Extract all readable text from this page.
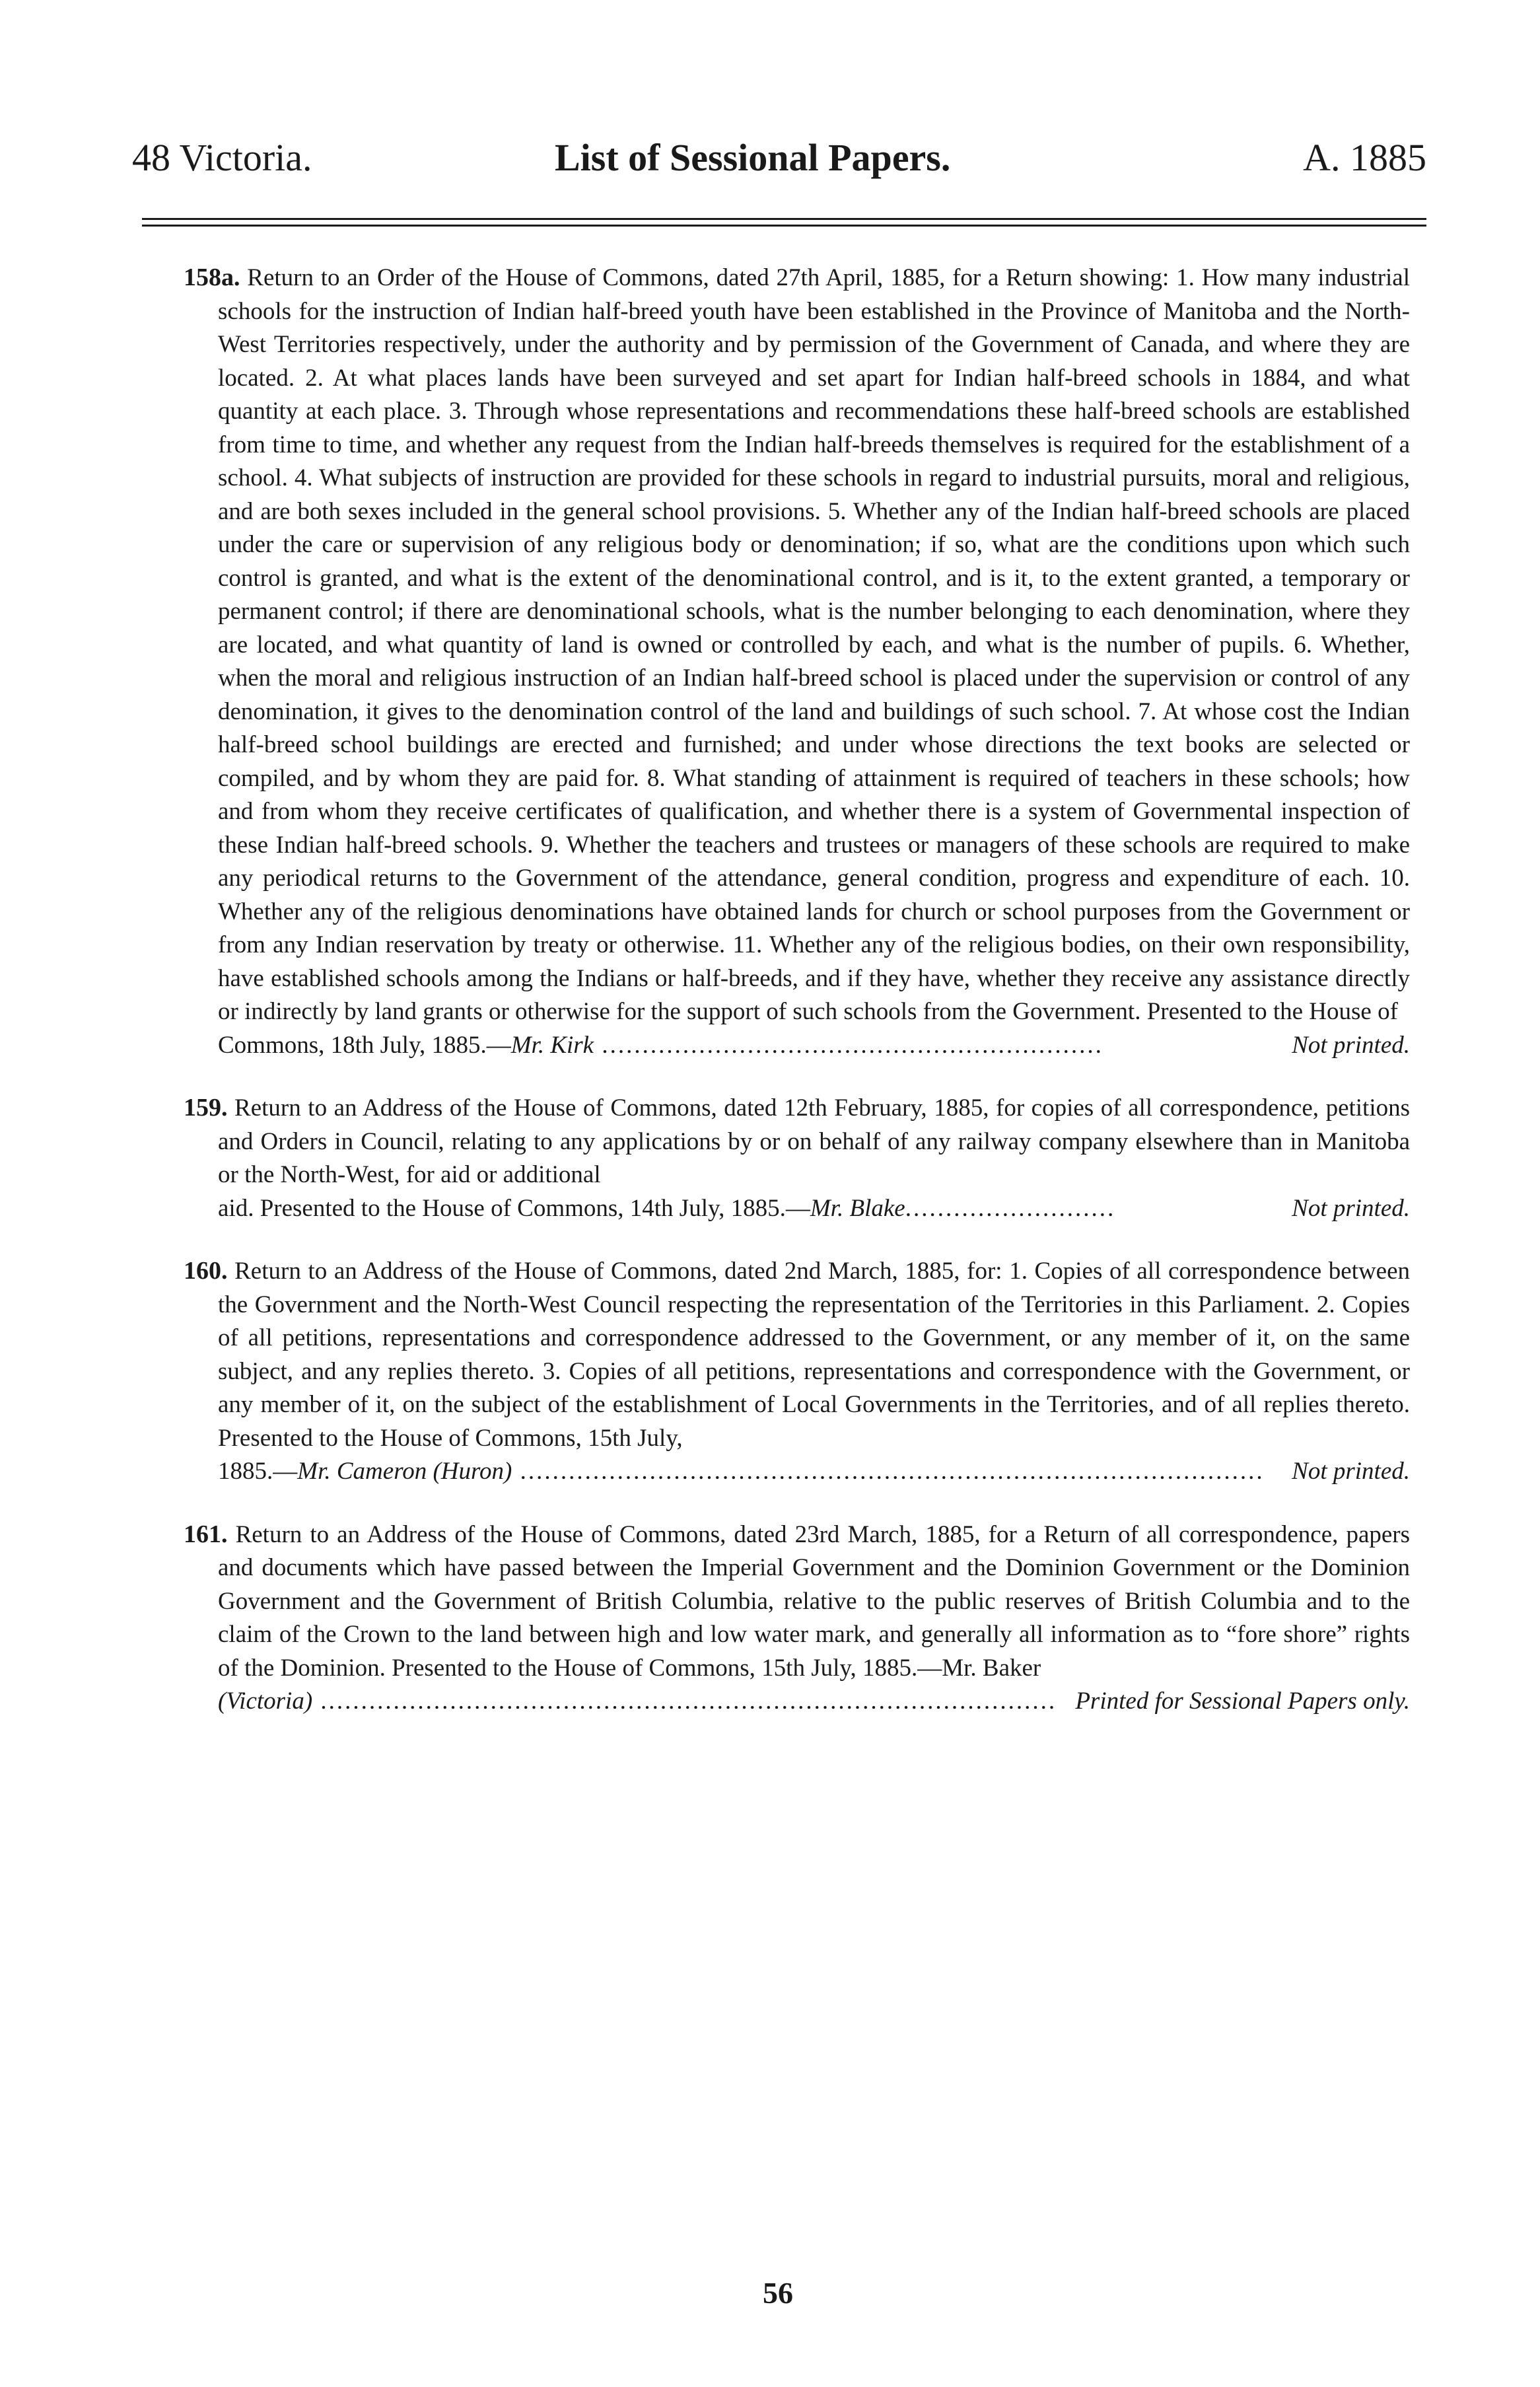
48 Victoria.	List of Sessional Papers.	A. 1885
158a. Return to an Order of the House of Commons, dated 27th April, 1885, for a Return showing: 1. How many industrial schools for the instruction of Indian half-breed youth have been established in the Province of Manitoba and the North-West Territories respectively, under the authority and by permission of the Government of Canada, and where they are located. 2. At what places lands have been surveyed and set apart for Indian half-breed schools in 1884, and what quantity at each place. 3. Through whose representations and recommendations these half-breed schools are established from time to time, and whether any request from the Indian half-breeds themselves is required for the establishment of a school. 4. What subjects of instruction are provided for these schools in regard to industrial pursuits, moral and religious, and are both sexes included in the general school provisions. 5. Whether any of the Indian half-breed schools are placed under the care or supervision of any religious body or denomination; if so, what are the conditions upon which such control is granted, and what is the extent of the denominational control, and is it, to the extent granted, a temporary or permanent control; if there are denominational schools, what is the number belonging to each denomination, where they are located, and what quantity of land is owned or controlled by each, and what is the number of pupils. 6. Whether, when the moral and religious instruction of an Indian half-breed school is placed under the supervision or control of any denomination, it gives to the denomination control of the land and buildings of such school. 7. At whose cost the Indian half-breed school buildings are erected and furnished; and under whose directions the text books are selected or compiled, and by whom they are paid for. 8. What standing of attainment is required of teachers in these schools; how and from whom they receive certificates of qualification, and whether there is a system of Governmental inspection of these Indian half-breed schools. 9. Whether the teachers and trustees or managers of these schools are required to make any periodical returns to the Government of the attendance, general condition, progress and expenditure of each. 10. Whether any of the religious denominations have obtained lands for church or school purposes from the Government or from any Indian reservation by treaty or otherwise. 11. Whether any of the religious bodies, on their own responsibility, have established schools among the Indians or half-breeds, and if they have, whether they receive any assistance directly or indirectly by land grants or otherwise for the support of such schools from the Government. Presented to the House of
Commons, 18th July, 1885.—Mr. Kirk ..............................................................	Not printed.
159. Return to an Address of the House of Commons, dated 12th February, 1885, for copies of all correspondence, petitions and Orders in Council, relating to any applications by or on behalf of any railway company elsewhere than in Manitoba or the North-West, for aid or additional
aid. Presented to the House of Commons, 14th July, 1885.—Mr. Blake..........................	Not printed.
160. Return to an Address of the House of Commons, dated 2nd March, 1885, for: 1. Copies of all correspondence between the Government and the North-West Council respecting the representation of the Territories in this Parliament. 2. Copies of all petitions, representations and correspondence addressed to the Government, or any member of it, on the same subject, and any replies thereto. 3. Copies of all petitions, representations and correspondence with the Government, or any member of it, on the subject of the establishment of Local Governments in the Territories, and of all replies thereto. Presented to the House of Commons, 15th July,
1885.—Mr. Cameron (Huron) ............................................................................................ Not printed.
161. Return to an Address of the House of Commons, dated 23rd March, 1885, for a Return of all correspondence, papers and documents which have passed between the Imperial Government and the Dominion Government or the Dominion Government and the Government of British Columbia, relative to the public reserves of British Columbia and to the claim of the Crown to the land between high and low water mark, and generally all information as to “fore shore” rights of the Dominion. Presented to the House of Commons, 15th July, 1885.—Mr. Baker
(Victoria) ........................................................................................... Printed for Sessional Papers only.
56
